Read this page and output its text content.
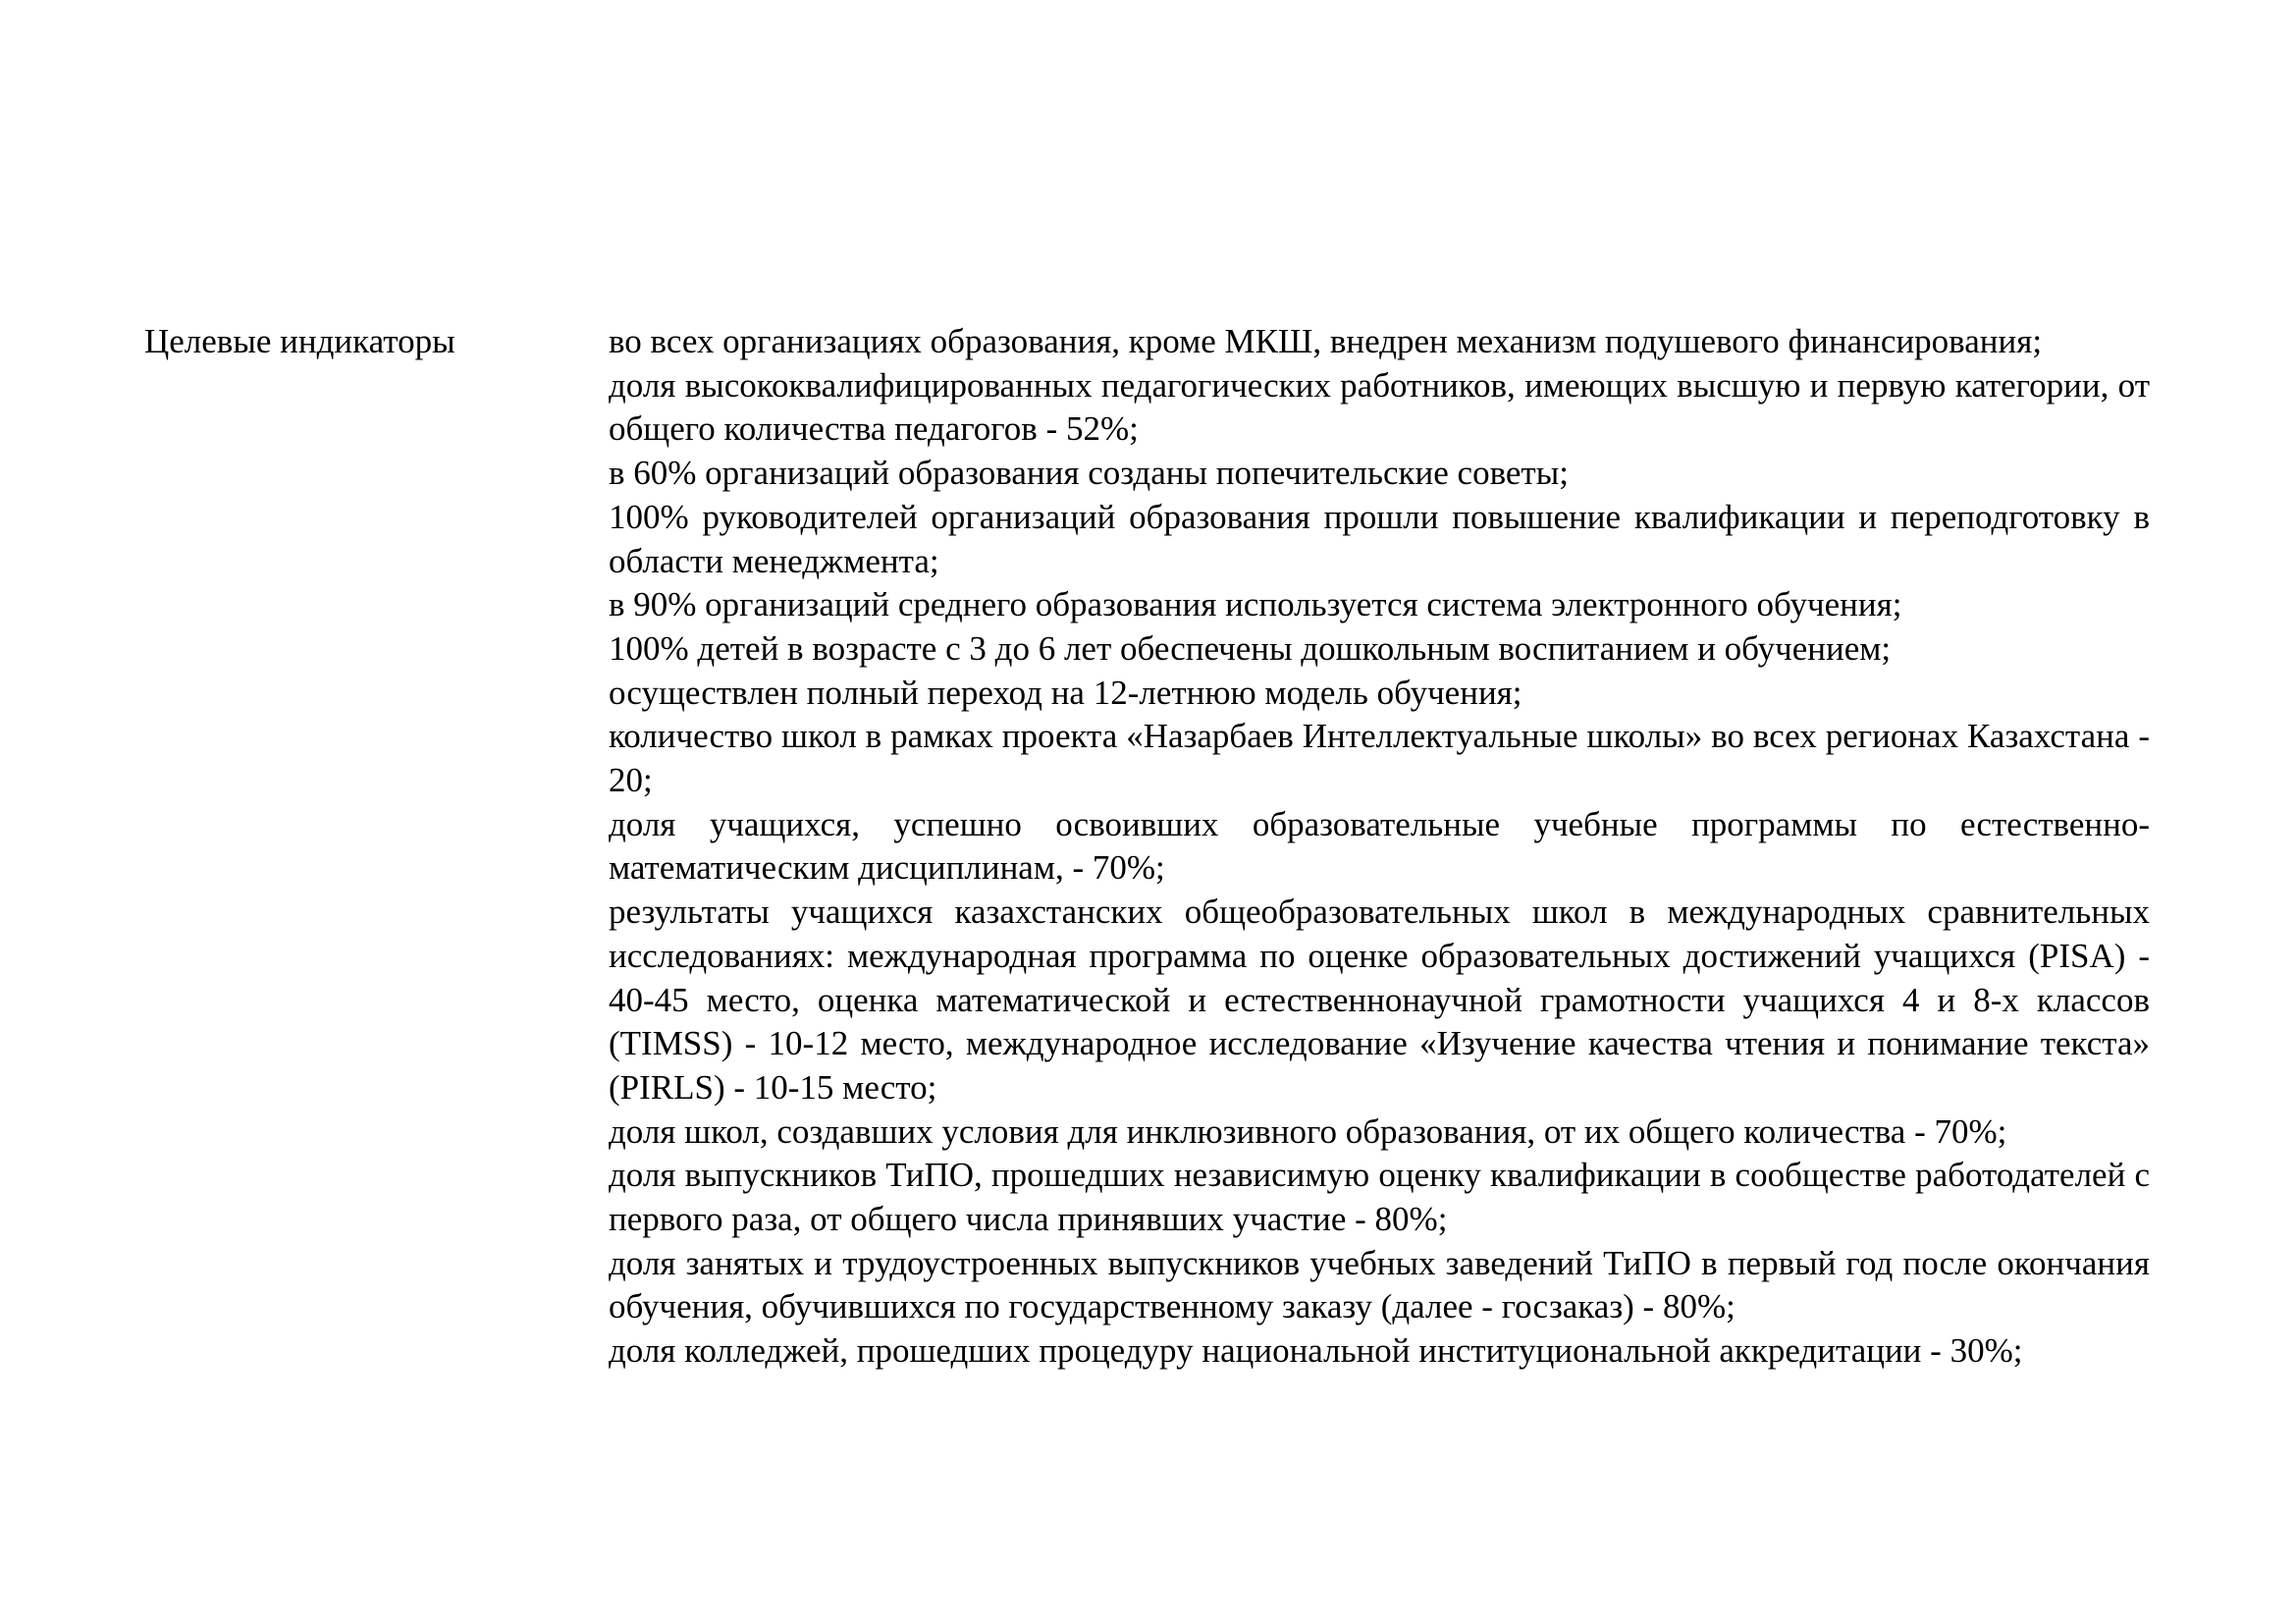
Целевые индикаторы	во всех организациях образования, кроме МКШ, внедрен механизм подушевого финансирования;

доля высококвалифицированных педагогических работников, имеющих высшую и первую категории, от общего количества педагогов - 52%;

в 60% организаций образования созданы попечительские советы;

100% руководителей организаций образования прошли повышение квалификации и переподготовку в области менеджмента;

в 90% организаций среднего образования используется система электронного обучения;

100% детей в возрасте с 3 до 6 лет обеспечены дошкольным воспитанием и обучением;

осуществлен полный переход на 12-летнюю модель обучения;

количество школ в рамках проекта «Назарбаев Интеллектуальные школы» во всех регионах Казахстана - 20;

доля учащихся, успешно освоивших образовательные учебные программы по естественно-математическим дисциплинам, - 70%;

результаты учащихся казахстанских общеобразовательных школ в международных сравнительных исследованиях: международная программа по оценке образовательных достижений учащихся (PISA) - 40-45 место, оценка математической и естественнонаучной грамотности учащихся 4 и 8-х классов (TIMSS) - 10-12 место, международное исследование «Изучение качества чтения и понимание текста» (PIRLS) - 10-15 место;

доля школ, создавших условия для инклюзивного образования, от их общего количества - 70%;

доля выпускников ТиПО, прошедших независимую оценку квалификации в сообществе работодателей с первого раза, от общего числа принявших участие - 80%;

доля занятых и трудоустроенных выпускников учебных заведений ТиПО в первый год после окончания обучения, обучившихся по государственному заказу (далее - госзаказ) - 80%;

доля колледжей, прошедших процедуру национальной институциональной аккредитации - 30%;
